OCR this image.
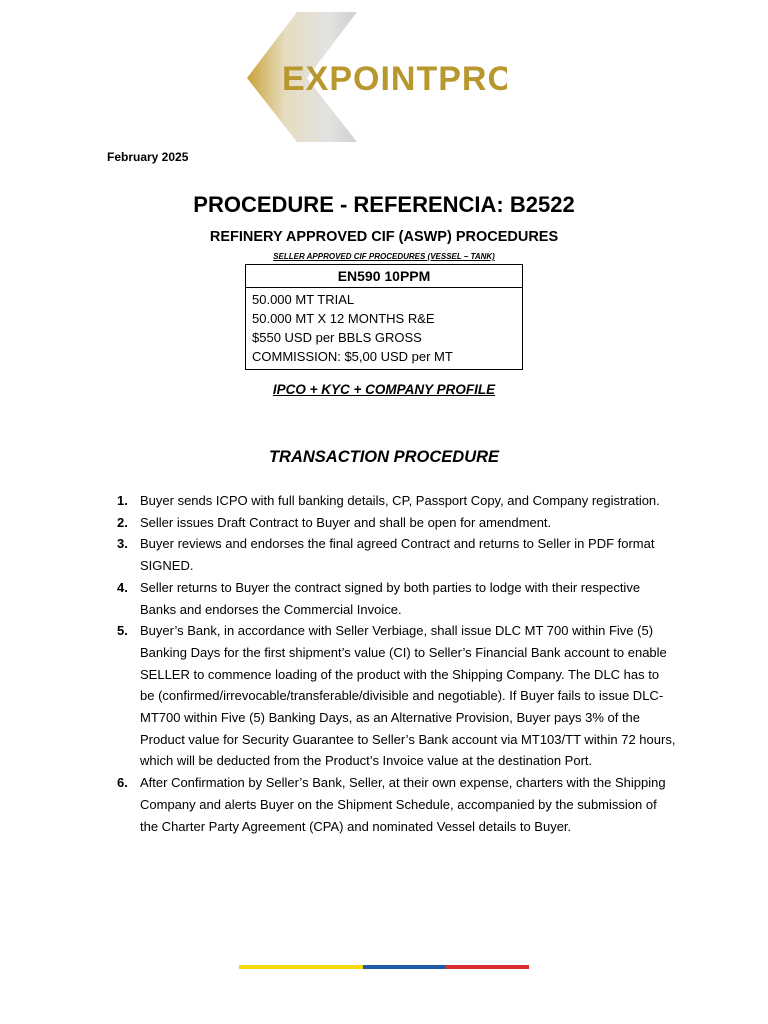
EXPOINTPRO
February 2025
PROCEDURE - REFERENCIA: B2522
REFINERY APPROVED CIF (ASWP) PROCEDURES
SELLER APPROVED CIF PROCEDURES (VESSEL – TANK)
EN590 10PPM
50.000 MT TRIAL
50.000 MT X 12 MONTHS R&E
$550 USD per BBLS GROSS
COMMISSION: $5,00 USD per MT
IPCO + KYC + COMPANY PROFILE
TRANSACTION PROCEDURE
1. Buyer sends ICPO with full banking details, CP, Passport Copy, and Company registration.
2. Seller issues Draft Contract to Buyer and shall be open for amendment.
3. Buyer reviews and endorses the final agreed Contract and returns to Seller in PDF format SIGNED.
4. Seller returns to Buyer the contract signed by both parties to lodge with their respective Banks and endorses the Commercial Invoice.
5. Buyer’s Bank, in accordance with Seller Verbiage, shall issue DLC MT 700 within Five (5) Banking Days for the first shipment’s value (CI) to Seller’s Financial Bank account to enable SELLER to commence loading of the product with the Shipping Company. The DLC has to be (confirmed/irrevocable/transferable/divisible and negotiable). If Buyer fails to issue DLC-MT700 within Five (5) Banking Days, as an Alternative Provision, Buyer pays 3% of the Product value for Security Guarantee to Seller’s Bank account via MT103/TT within 72 hours, which will be deducted from the Product’s Invoice value at the destination Port.
6. After Confirmation by Seller’s Bank, Seller, at their own expense, charters with the Shipping Company and alerts Buyer on the Shipment Schedule, accompanied by the submission of the Charter Party Agreement (CPA) and nominated Vessel details to Buyer.
